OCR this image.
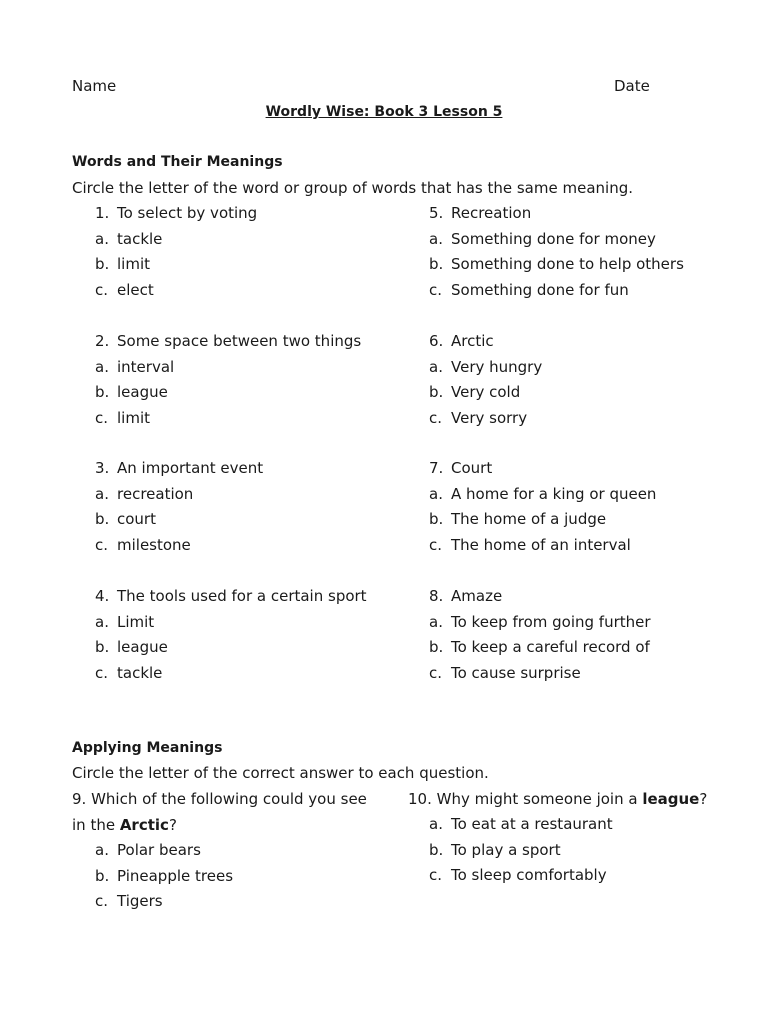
Name	Date
Wordly Wise: Book 3 Lesson 5
Words and Their Meanings
Circle the letter of the word or group of words that has the same meaning.
1. To select by voting
a. tackle
b. limit
c. elect
2. Some space between two things
a. interval
b. league
c. limit
3. An important event
a. recreation
b. court
c. milestone
4. The tools used for a certain sport
a. Limit
b. league
c. tackle
5. Recreation
a. Something done for money
b. Something done to help others
c. Something done for fun
6. Arctic
a. Very hungry
b. Very cold
c. Very sorry
7. Court
a. A home for a king or queen
b. The home of a judge
c. The home of an interval
8. Amaze
a. To keep from going further
b. To keep a careful record of
c. To cause surprise
Applying Meanings
Circle the letter of the correct answer to each question.
9. Which of the following could you see
in the Arctic?
10. Why might someone join a league?
a. Polar bears
b. Pineapple trees
c. Tigers
a. To eat at a restaurant
b. To play a sport
c. To sleep comfortably
